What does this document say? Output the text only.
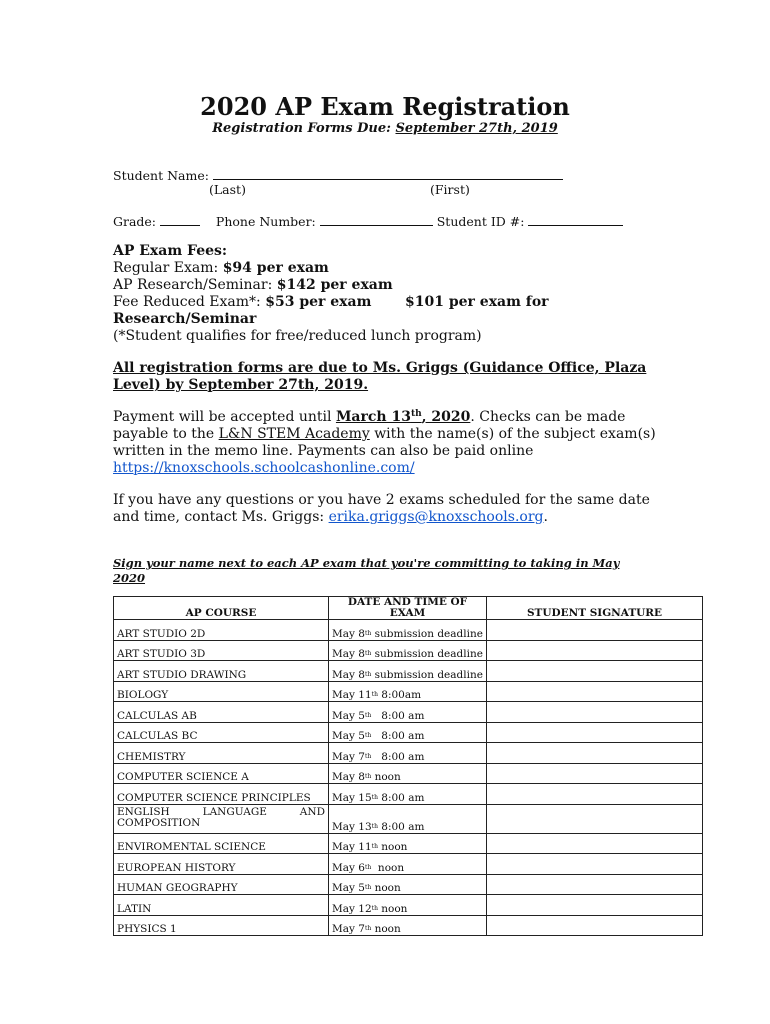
2020 AP Exam Registration
Registration Forms Due: September 27th, 2019
Student Name:
(Last)	(First)
Grade:	Phone Number:	Student ID #:
AP Exam Fees:
Regular Exam: $94 per exam
AP Research/Seminar: $142 per exam
Fee Reduced Exam*: $53 per exam $101 per exam for
Research/Seminar
(*Student qualifies for free/reduced lunch program)
All registration forms are due to Ms. Griggs (Guidance Office, Plaza
Level) by September 27th, 2019.
Payment will be accepted until March 13th, 2020. Checks can be made
payable to the L&N STEM Academy with the name(s) of the subject exam(s)
written in the memo line. Payments can also be paid online
https://knoxschools.schoolcashonline.com/
If you have any questions or you have 2 exams scheduled for the same date
and time, contact Ms. Griggs: erika.griggs@knoxschools.org.
Sign your name next to each AP exam that you're committing to taking in May
2020
AP COURSE	DATE AND TIME OF EXAM	STUDENT SIGNATURE
ART STUDIO 2D	May 8th submission deadline	
ART STUDIO 3D	May 8th submission deadline	
ART STUDIO DRAWING	May 8th submission deadline	
BIOLOGY	May 11th 8:00am	
CALCULAS AB	May 5th   8:00 am	
CALCULAS BC	May 5th   8:00 am	
CHEMISTRY	May 7th   8:00 am	
COMPUTER SCIENCE A	May 8th noon	
COMPUTER SCIENCE PRINCIPLES	May 15th 8:00 am	

ENGLISH LANGUAGE AND
COMPOSITION	May 13th 8:00 am	
ENVIROMENTAL SCIENCE	May 11th noon	
EUROPEAN HISTORY	May 6th  noon	
HUMAN GEOGRAPHY	May 5th noon	
LATIN	May 12th noon	
PHYSICS 1	May 7th noon	
